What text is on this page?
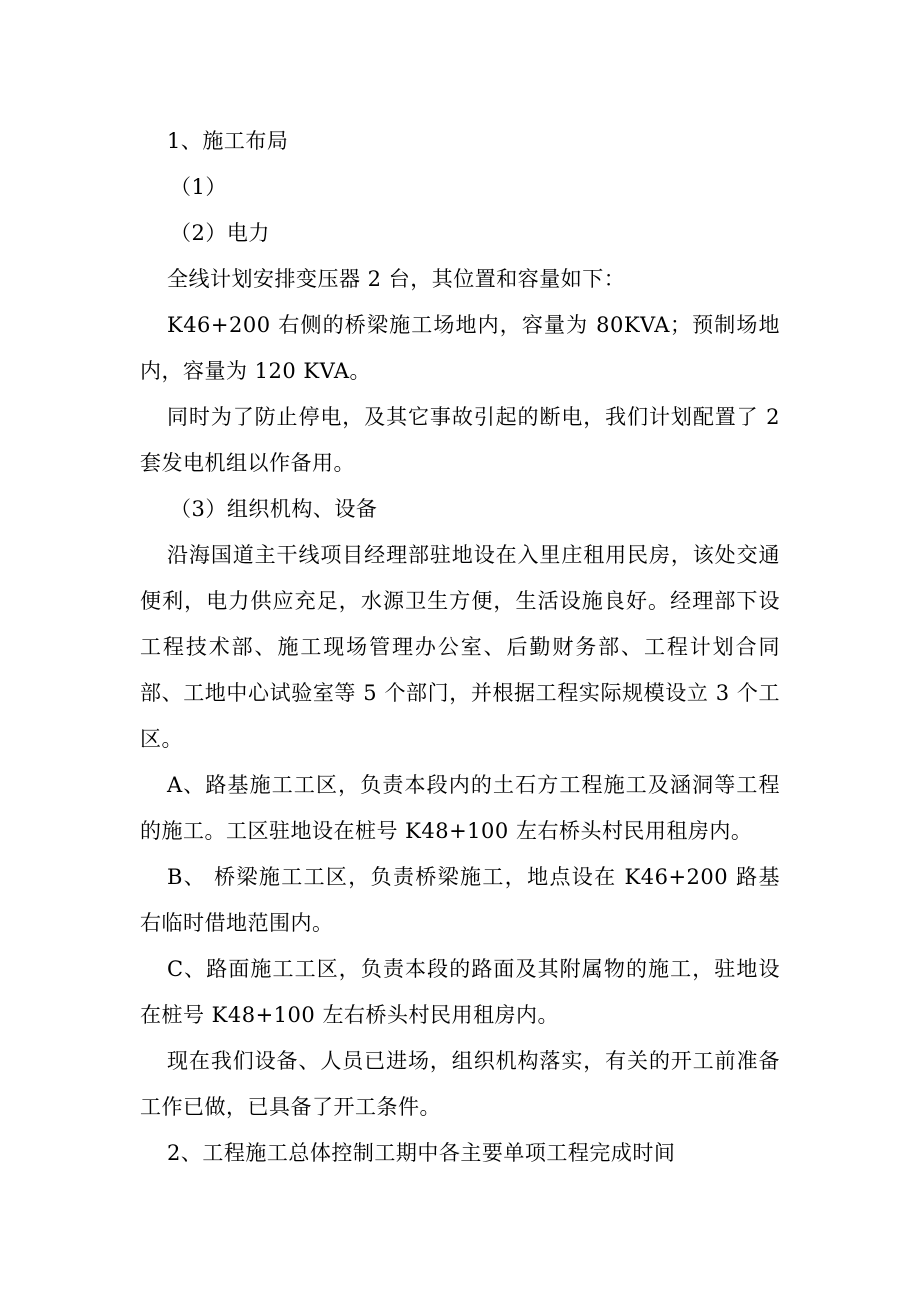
1、施工布局

（1）

（2）电力

全线计划安排变压器 2 台，其位置和容量如下：

K46+200 右侧的桥梁施工场地内，容量为 80KVA；预制场地内，容量为 120 KVA。

同时为了防止停电，及其它事故引起的断电，我们计划配置了 2 套发电机组以作备用。

（3）组织机构、设备

沿海国道主干线项目经理部驻地设在入里庄租用民房，该处交通便利，电力供应充足，水源卫生方便，生活设施良好。经理部下设工程技术部、施工现场管理办公室、后勤财务部、工程计划合同部、工地中心试验室等 5 个部门，并根据工程实际规模设立 3 个工区。

A、路基施工工区，负责本段内的土石方工程施工及涵洞等工程的施工。工区驻地设在桩号 K48+100 左右桥头村民用租房内。

B、 桥梁施工工区，负责桥梁施工，地点设在 K46+200 路基右临时借地范围内。

C、路面施工工区，负责本段的路面及其附属物的施工，驻地设在桩号 K48+100 左右桥头村民用租房内。

现在我们设备、人员已进场，组织机构落实，有关的开工前准备工作已做，已具备了开工条件。

2、工程施工总体控制工期中各主要单项工程完成时间
